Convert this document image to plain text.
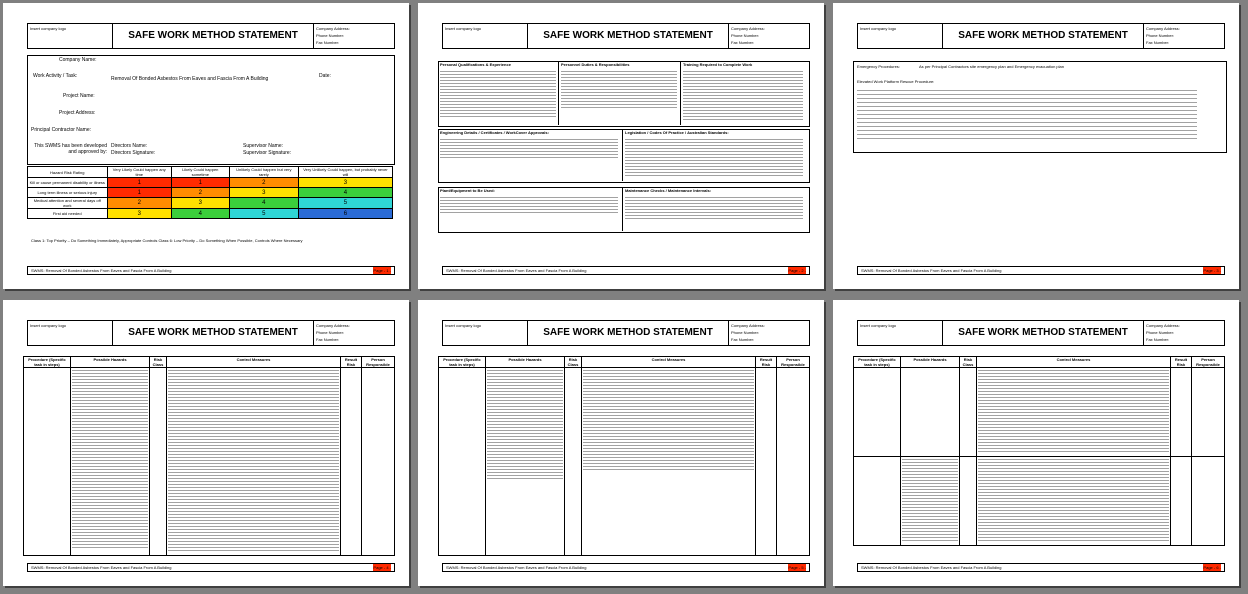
Insert company logo
SAFE WORK METHOD STATEMENT
Company Address:
Phone Number:
Fax Number:
Company Name:
Work Activity / Task:	Removal Of Bonded Asbestos From Eaves and Fascia From A Building	Date:
Project Name:
Project Address:
Principal Contractor Name:
This SWMS has been developed and approved by:
Directors Name:
Directors Signature:
Supervisor Name:
Supervisor Signature:
Hazard Risk Rating	Very Likely Could happen any time	Likely Could happen sometime	Unlikely Could happen but very rarely	Very Unlikely Could happen, but probably never will
Kill or cause permanent disability or illness	1	1	2	3
Long term illness or serious injury	1	2	3	4
Medical attention and several days off work	2	3	4	5
First aid needed	3	4	5	6
Class 1: Top Priority – Do Something Immediately, Appropriate Controls Class 6: Low Priority – Do Something When Possible, Controls Where Necessary
SWMS: Removal Of Bonded Asbestos From Eaves and Fascia From A Building	Page - 1 -
Insert company logo
SAFE WORK METHOD STATEMENT
Company Address:
Phone Number:
Fax Number:
Personal Qualifications & Experience	Personnel Duties & Responsibilities	Training Required to Complete Work
Engineering Details / Certificates / WorkCover Approvals:	Legislation / Codes Of Practice / Australian Standards:
Plant/Equipment to Be Used:	Maintenance Checks / Maintenance Intervals:
SWMS: Removal Of Bonded Asbestos From Eaves and Fascia From A Building	Page - 2 -
Insert company logo
SAFE WORK METHOD STATEMENT
Company Address:
Phone Number:
Fax Number:
Emergency Procedures:	As per Principal Contractors site emergency plan and Emergency evacuation plan
Elevated Work Platform Rescue Procedure:
SWMS: Removal Of Bonded Asbestos From Eaves and Fascia From A Building	Page - 3 -
Insert company logo
SAFE WORK METHOD STATEMENT
Company Address:
Phone Number:
Fax Number:
Procedure (Specific task in steps)	Possible Hazards	Risk Class	Control Measures	Result Risk	Person Responsible

SWMS: Removal Of Bonded Asbestos From Eaves and Fascia From A Building	Page - 4 -
Insert company logo
SAFE WORK METHOD STATEMENT
Company Address:
Phone Number:
Fax Number:
Procedure (Specific task in steps)	Possible Hazards	Risk Class	Control Measures	Result Risk	Person Responsible

SWMS: Removal Of Bonded Asbestos From Eaves and Fascia From A Building	Page - 5 -
Insert company logo
SAFE WORK METHOD STATEMENT
Company Address:
Phone Number:
Fax Number:
Procedure (Specific task in steps)	Possible Hazards	Risk Class	Control Measures	Result Risk	Person Responsible

SWMS: Removal Of Bonded Asbestos From Eaves and Fascia From A Building	Page - 6 -
